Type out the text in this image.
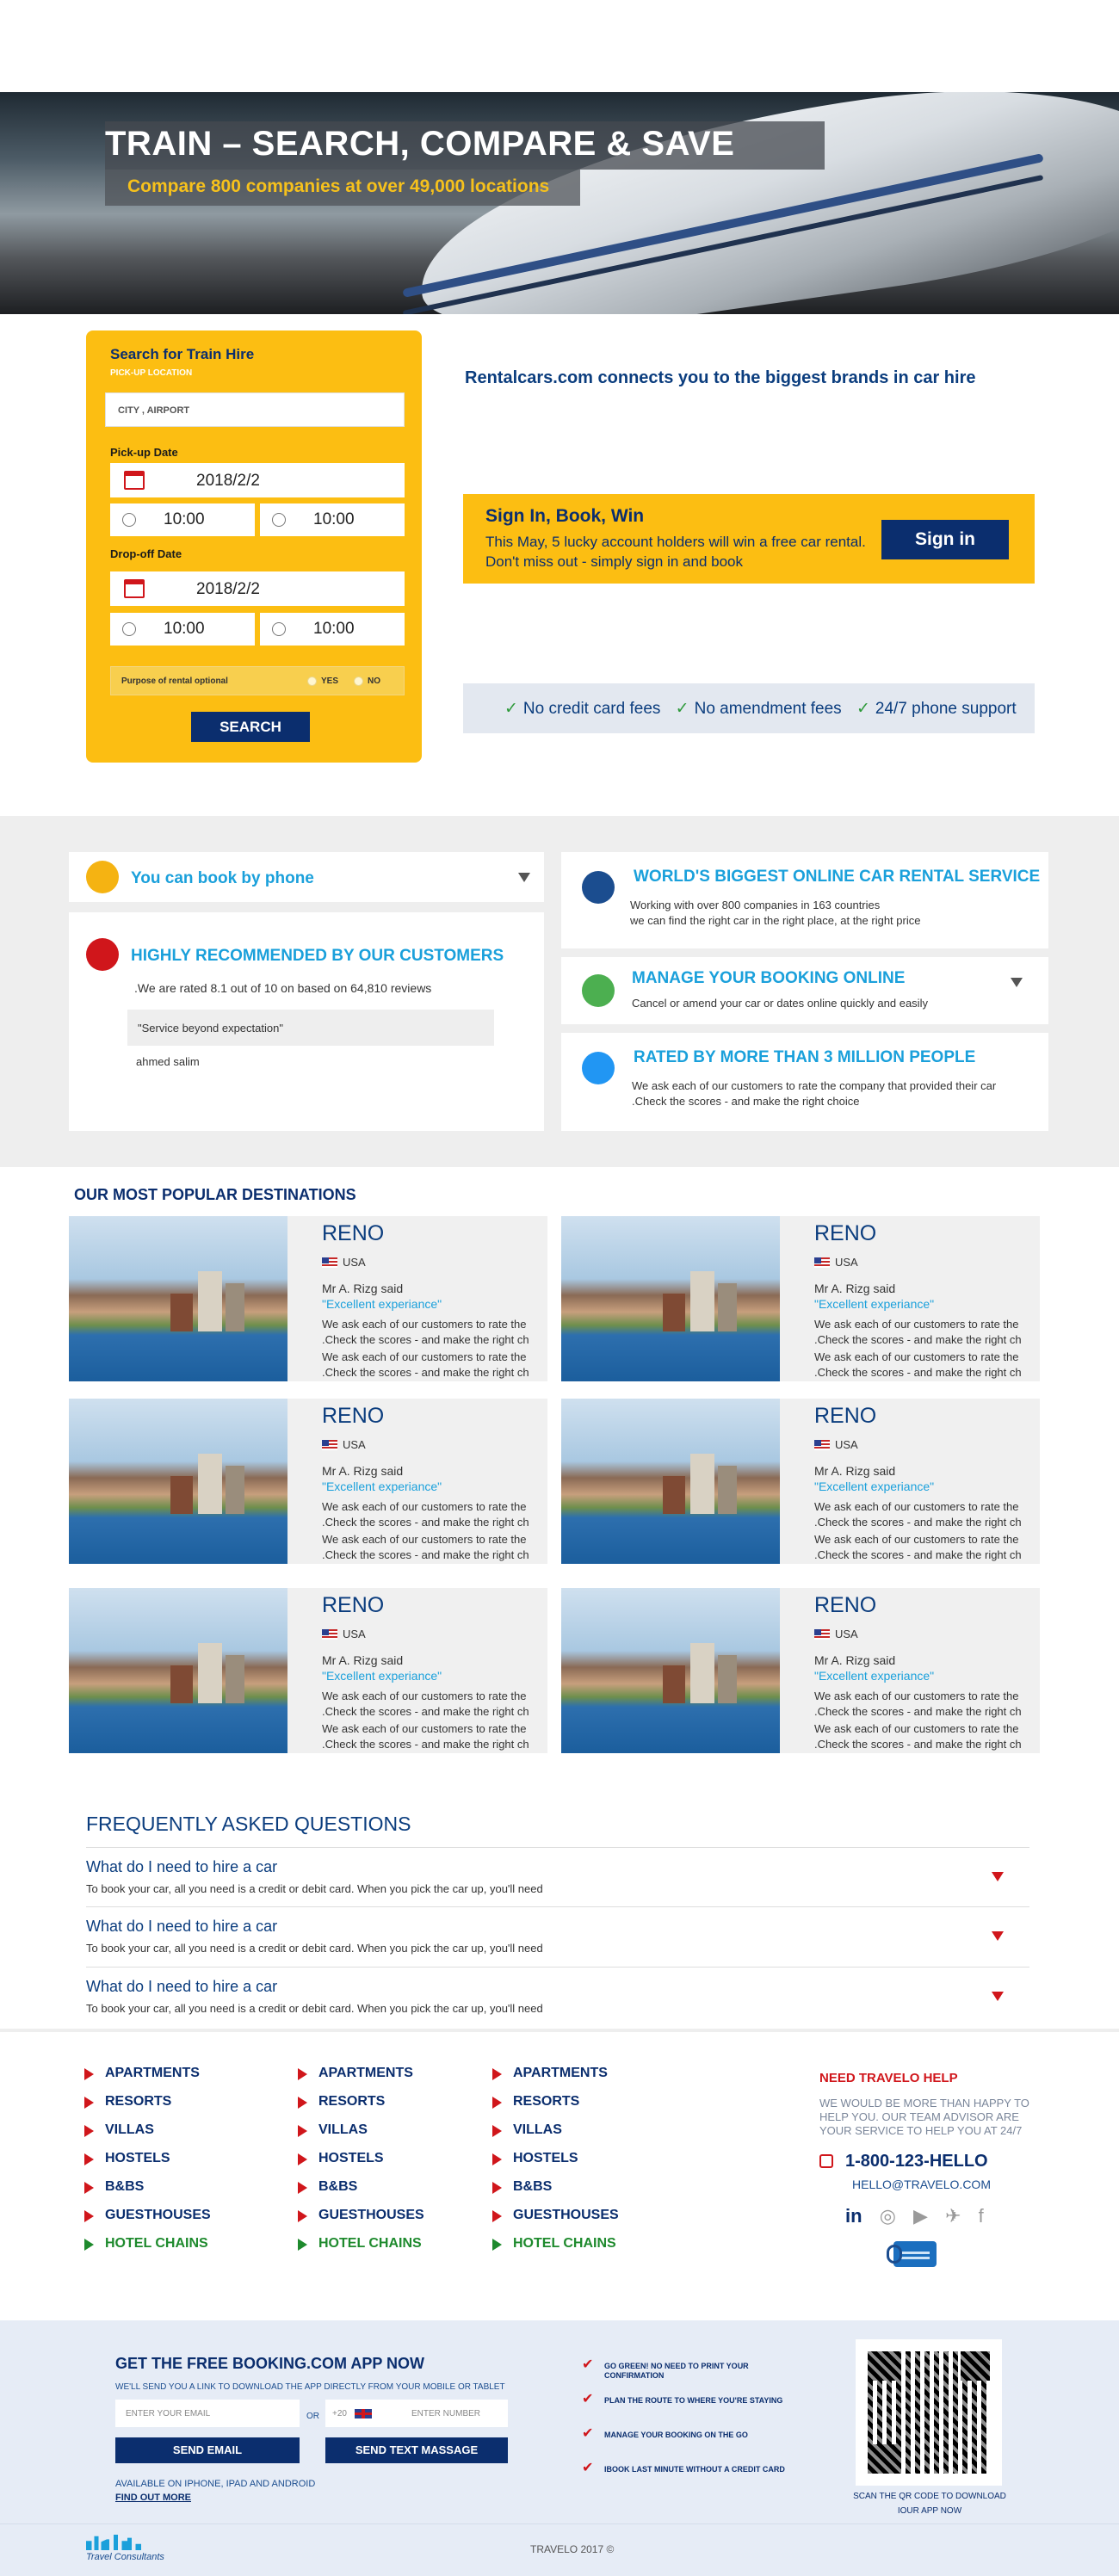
TRAIN – SEARCH, COMPARE & SAVE
Compare 800 companies at over 49,000 locations
Search for Train Hire
PICK-UP LOCATION
CITY , AIRPORT
Pick-up Date
2018/2/2
10:00	10:00
Drop-off Date
2018/2/2
10:00	10:00
Purpose of rental optional	YES	NO
SEARCH
Rentalcars.com connects you to the biggest brands in car hire
Sign In, Book, Win
This May, 5 lucky account holders will win a free car rental. Don't miss out - simply sign in and book
Sign in
✓ No credit card fees ✓ No amendment fees ✓ 24/7 phone support
You can book by phone
HIGHLY RECOMMENDED BY OUR CUSTOMERS
.We are rated 8.1 out of 10 on based on 64,810 reviews
"Service beyond expectation"
ahmed salim
WORLD'S BIGGEST ONLINE CAR RENTAL SERVICE
Working with over 800 companies in 163 countries
we can find the right car in the right place, at the right price
MANAGE YOUR BOOKING ONLINE
Cancel or amend your car or dates online quickly and easily
RATED BY MORE THAN 3 MILLION PEOPLE
We ask each of our customers to rate the company that provided their car
.Check the scores - and make the right choice
OUR MOST POPULAR DESTINATIONS
RENO
USA
Mr A. Rizg said
"Excellent experiance"
We ask each of our customers to rate the
.Check the scores - and make the right ch
We ask each of our customers to rate the
.Check the scores - and make the right ch
RENO
USA
Mr A. Rizg said
"Excellent experiance"
We ask each of our customers to rate the
.Check the scores - and make the right ch
We ask each of our customers to rate the
.Check the scores - and make the right ch
RENO
USA
Mr A. Rizg said
"Excellent experiance"
We ask each of our customers to rate the
.Check the scores - and make the right ch
We ask each of our customers to rate the
.Check the scores - and make the right ch
RENO
USA
Mr A. Rizg said
"Excellent experiance"
We ask each of our customers to rate the
.Check the scores - and make the right ch
We ask each of our customers to rate the
.Check the scores - and make the right ch
RENO
USA
Mr A. Rizg said
"Excellent experiance"
We ask each of our customers to rate the
.Check the scores - and make the right ch
We ask each of our customers to rate the
.Check the scores - and make the right ch
RENO
USA
Mr A. Rizg said
"Excellent experiance"
We ask each of our customers to rate the
.Check the scores - and make the right ch
We ask each of our customers to rate the
.Check the scores - and make the right ch
FREQUENTLY ASKED QUESTIONS
What do I need to hire a car
To book your car, all you need is a credit or debit card. When you pick the car up, you'll need
What do I need to hire a car
To book your car, all you need is a credit or debit card. When you pick the car up, you'll need
What do I need to hire a car
To book your car, all you need is a credit or debit card. When you pick the car up, you'll need
APARTMENTS
RESORTS
VILLAS
HOSTELS
B&BS
GUESTHOUSES
HOTEL CHAINS
APARTMENTS
RESORTS
VILLAS
HOSTELS
B&BS
GUESTHOUSES
HOTEL CHAINS
APARTMENTS
RESORTS
VILLAS
HOSTELS
B&BS
GUESTHOUSES
HOTEL CHAINS
NEED TRAVELO HELP
WE WOULD BE MORE THAN HAPPY TO HELP YOU. OUR TEAM ADVISOR ARE YOUR SERVICE TO HELP YOU AT 24/7
1-800-123-HELLO
HELLO@TRAVELO.COM
in ◎ ▶ ✈ f
GET THE FREE BOOKING.COM APP NOW
WE'LL SEND YOU A LINK TO DOWNLOAD THE APP DIRECTLY FROM YOUR MOBILE OR TABLET
ENTER YOUR EMAIL	OR +20	ENTER NUMBER
SEND EMAIL	SEND TEXT MASSAGE
AVAILABLE ON IPHONE, IPAD AND ANDROID
FIND OUT MORE
✔ GO GREEN! NO NEED TO PRINT YOUR CONFIRMATION
✔ PLAN THE ROUTE TO WHERE YOU'RE STAYING
✔ MANAGE YOUR BOOKING ON THE GO
✔ IBOOK LAST MINUTE WITHOUT A CREDIT CARD
SCAN THE QR CODE TO DOWNLOAD
IOUR APP NOW
Travel Consultants
TRAVELO 2017 ©
